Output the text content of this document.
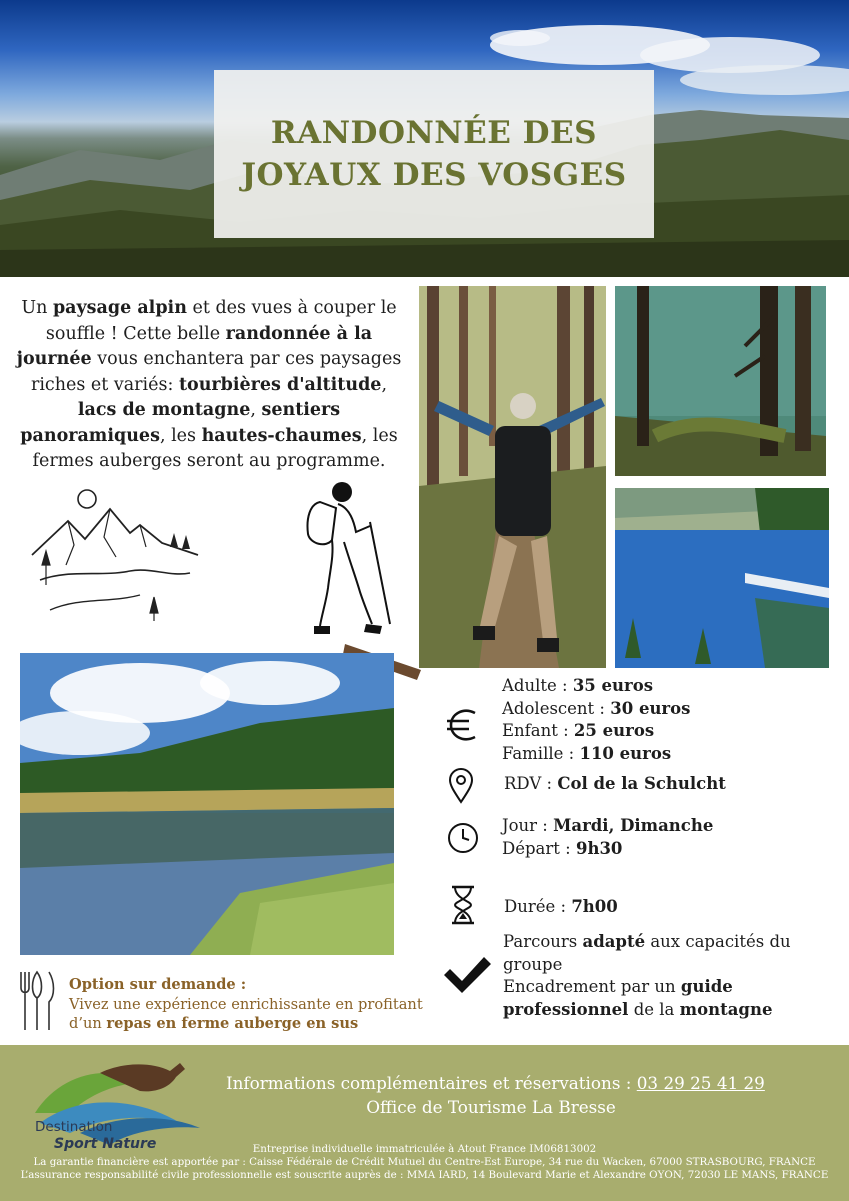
RANDONNÉE DES
JOYAUX DES VOSGES
Un paysage alpin et des vues à couper le souffle ! Cette belle randonnée à la journée vous enchantera par ces paysages riches et variés: tourbières d'altitude, lacs de montagne, sentiers panoramiques, les hautes-chaumes, les fermes auberges seront au programme.
Adulte : 35 euros
Adolescent : 30 euros
Enfant : 25 euros
Famille : 110 euros
RDV : Col de la Schulcht
Jour : Mardi, Dimanche
Départ : 9h30
Durée : 7h00
Parcours adapté aux capacités du groupe
Encadrement par un guide professionnel de la montagne
Option sur demande :
Vivez une expérience enrichissante en profitant d’un repas en ferme auberge en sus
Destination
Sport Nature
Informations complémentaires et réservations : 03 29 25 41 29
Office de Tourisme La Bresse
Entreprise individuelle immatriculée à Atout France IM06813002
La garantie financière est apportée par : Caisse Fédérale de Crédit Mutuel du Centre-Est Europe, 34 rue du Wacken, 67000 STRASBOURG, FRANCE
L’assurance responsabilité civile professionnelle est souscrite auprès de : MMA IARD, 14 Boulevard Marie et Alexandre OYON, 72030 LE MANS, FRANCE
